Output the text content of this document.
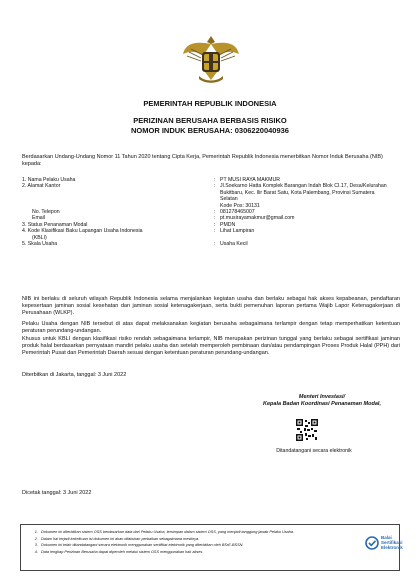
PEMERINTAH REPUBLIK INDONESIA
PERIZINAN BERUSAHA BERBASIS RISIKO
NOMOR INDUK BERUSAHA: 0306220040936
Berdasarkan Undang-Undang Nomor 11 Tahun 2020 tentang Cipta Kerja, Pemerintah Republik Indonesia menerbitkan Nomor Induk Berusaha (NIB) kepada:
1. Nama Pelaku Usaha	: PT MUSI RAYA MAKMUR
2. Alamat Kantor	: Jl.Soekarno Hatta Komplek Barangan Indah Blok CI.17, Desa/Kelurahan
Bukitbaru, Kec. Ilir Barat Satu, Kota Palembang, Provinsi Sumatera
Selatan
Kode Pos: 30131
No. Telepon	: 081278465007
Email	: pt.musirayamakmur@gmail.com
3. Status Penanaman Modal	: PMDN
4. Kode Klasifikasi Baku Lapangan Usaha Indonesia	: Lihat Lampiran
(KBLI)
5. Skala Usaha	: Usaha Kecil
NIB ini berlaku di seluruh wilayah Republik Indonesia selama menjalankan kegiatan usaha dan berlaku sebagai hak akses kepabeanan, pendaftaran kepesertaan jaminan sosial kesehatan dan jaminan sosial ketenagakerjaan, serta bukti pemenuhan laporan pertama Wajib Lapor Ketenagakerjaan di Perusahaan (WLKP).
Pelaku Usaha dengan NIB tersebut di atas dapat melaksanakan kegiatan berusaha sebagaimana terlampir dengan tetap memperhatikan ketentuan peraturan perundang-undangan.
Khusus untuk KBLI dengan klasifikasi risiko rendah sebagaimana terlampir, NIB merupakan perizinan tunggal yang berlaku sebagai sertifikasi jaminan produk halal berdasarkan pernyataan mandiri pelaku usaha dan setelah memperoleh pembinaan dan/atau pendampingan Proses Produk Halal (PPH) dari Pemerintah Pusat dan Pemerintah Daerah sesuai dengan ketentuan peraturan perundang-undangan.
Diterbitkan di Jakarta, tanggal: 3 Juni 2022
Menteri Investasi/
Kepala Badan Koordinasi Penanaman Modal,
Ditandatangani secara elektronik
Dicetak tanggal: 3 Juni 2022
1. Dokumen ini diterbitkan sistem OSS berdasarkan data dari Pelaku Usaha, tersimpan dalam sistem OSS, yang menjadi tanggung jawab Pelaku Usaha.
2. Dalam hal terjadi kekeliruan isi dokumen ini akan dilakukan perbaikan sebagaimana mestinya.
3. Dokumen ini telah ditandatangani secara elektronik menggunakan sertifikat elektronik yang diterbitkan oleh BSrE-BSSN.
4. Data lengkap Perizinan Berusaha dapat diperoleh melalui sistem OSS menggunakan hak akses.
Balai
Sertifikasi
Elektronik
